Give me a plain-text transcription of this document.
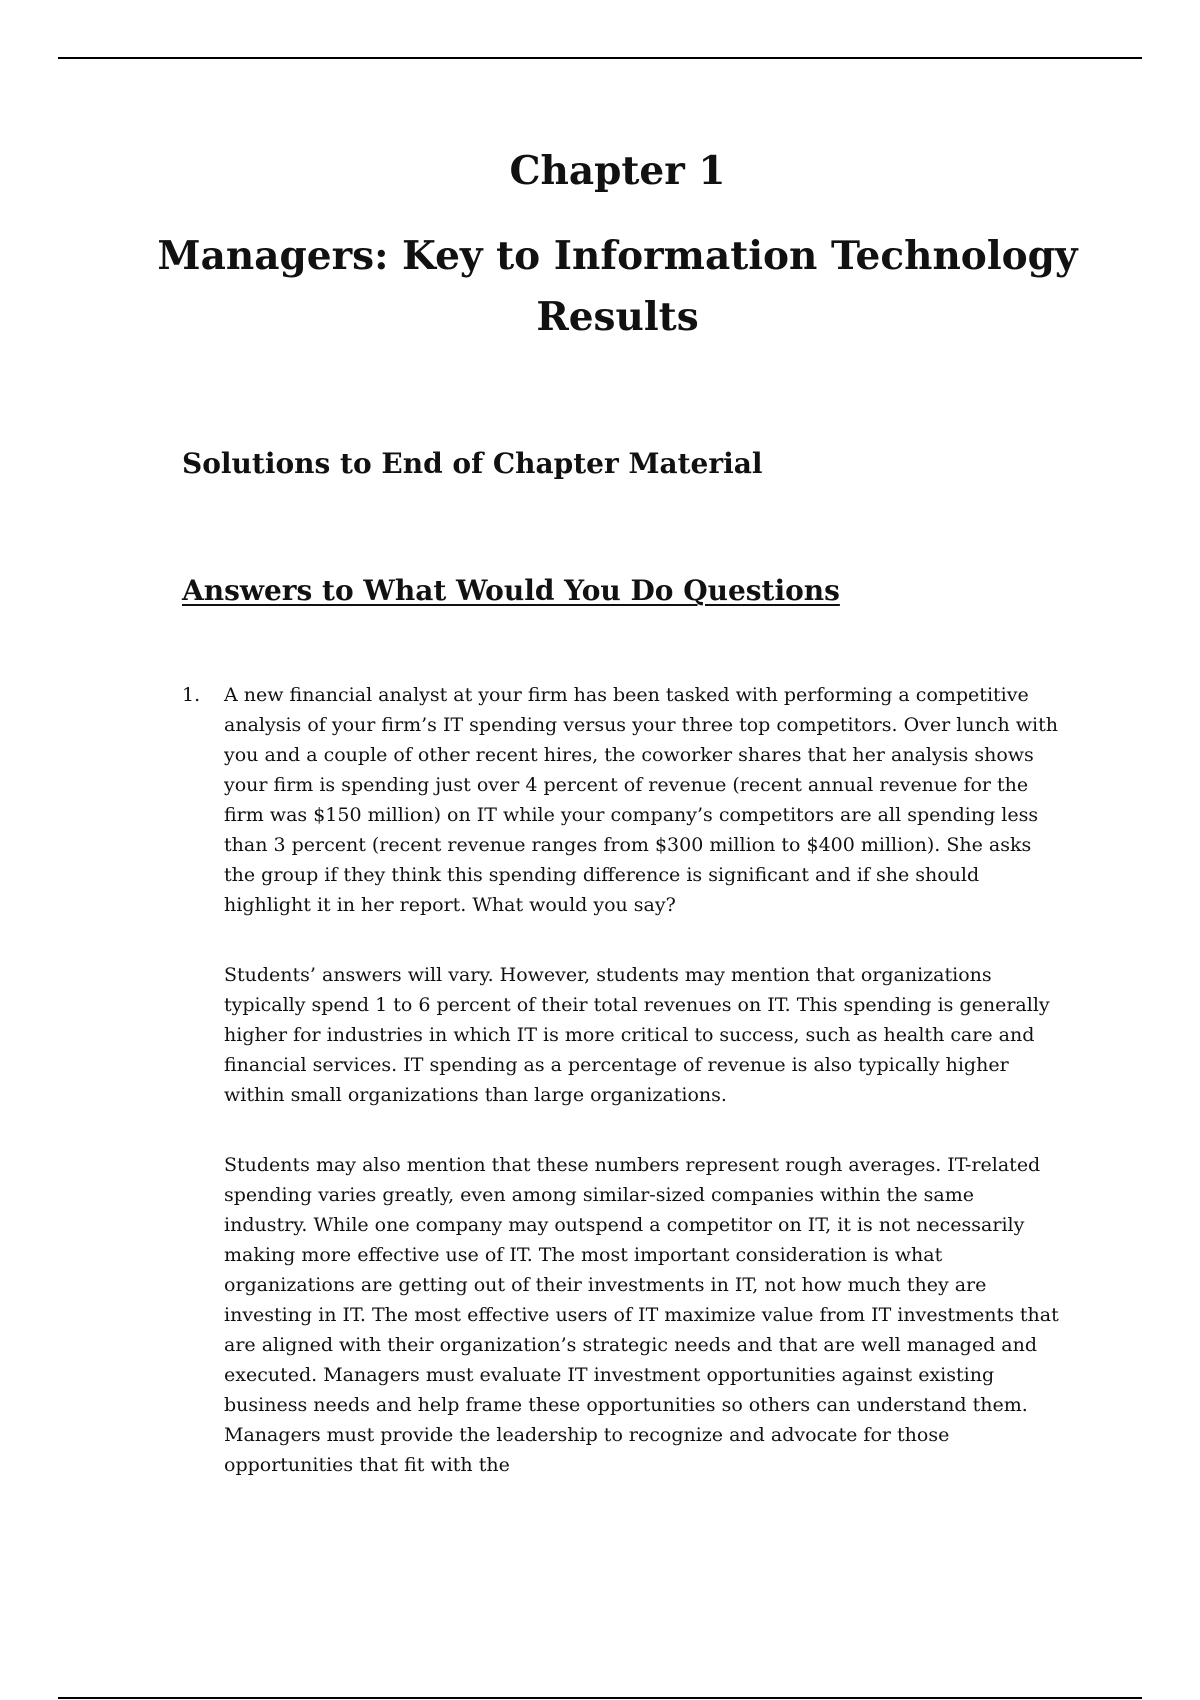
Chapter 1
Managers: Key to Information Technology Results
Solutions to End of Chapter Material
Answers to What Would You Do Questions
1. A new financial analyst at your firm has been tasked with performing a competitive analysis of your firm’s IT spending versus your three top competitors. Over lunch with you and a couple of other recent hires, the coworker shares that her analysis shows your firm is spending just over 4 percent of revenue (recent annual revenue for the firm was $150 million) on IT while your company’s competitors are all spending less than 3 percent (recent revenue ranges from $300 million to $400 million). She asks the group if they think this spending difference is significant and if she should highlight it in her report. What would you say?

Students’ answers will vary. However, students may mention that organizations typically spend 1 to 6 percent of their total revenues on IT. This spending is generally higher for industries in which IT is more critical to success, such as health care and financial services. IT spending as a percentage of revenue is also typically higher within small organizations than large organizations.

Students may also mention that these numbers represent rough averages. IT-related spending varies greatly, even among similar-sized companies within the same industry. While one company may outspend a competitor on IT, it is not necessarily making more effective use of IT. The most important consideration is what organizations are getting out of their investments in IT, not how much they are investing in IT. The most effective users of IT maximize value from IT investments that are aligned with their organization’s strategic needs and that are well managed and executed. Managers must evaluate IT investment opportunities against existing business needs and help frame these opportunities so others can understand them. Managers must provide the leadership to recognize and advocate for those opportunities that fit with the
